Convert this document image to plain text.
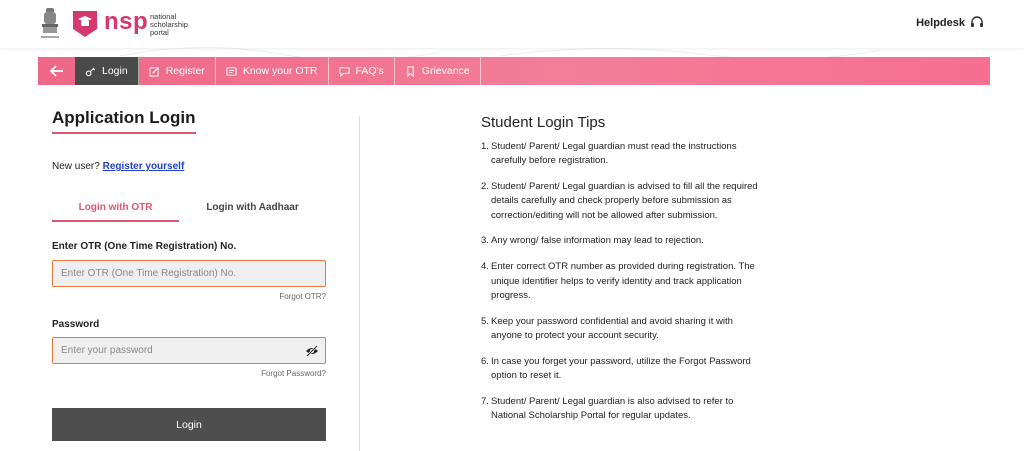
nsp national
scholarship
portal
Helpdesk
Login	Register	Know your OTR	FAQ's	Grievance
Application Login
New user? Register yourself
Login with OTR	Login with Aadhaar
Enter OTR (One Time Registration) No.
Enter OTR (One Time Registration) No.
Forgot OTR?
Password
Enter your password
Forgot Password?
Login
Student Login Tips
1. Student/ Parent/ Legal guardian must read the instructions carefully before registration.
2. Student/ Parent/ Legal guardian is advised to fill all the required details carefully and check properly before submission as correction/editing will not be allowed after submission.
3. Any wrong/ false information may lead to rejection.
4. Enter correct OTR number as provided during registration. The unique identifier helps to verify identity and track application progress.
5. Keep your password confidential and avoid sharing it with anyone to protect your account security.
6. In case you forget your password, utilize the Forgot Password option to reset it.
7. Student/ Parent/ Legal guardian is also advised to refer to National Scholarship Portal for regular updates.
